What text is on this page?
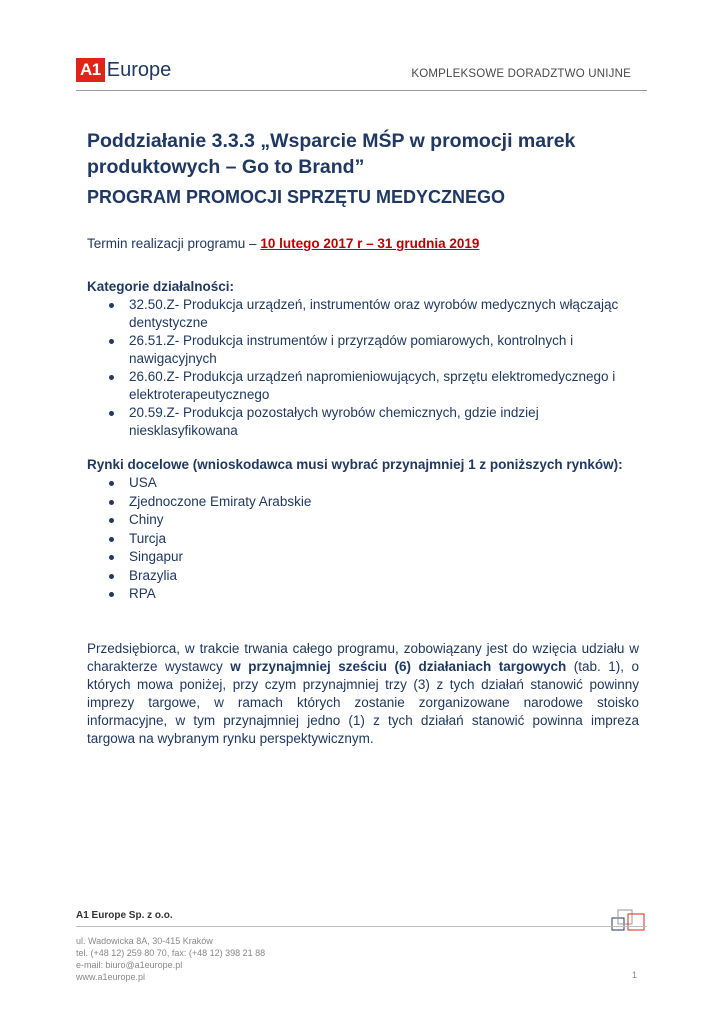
A1 Europe	KOMPLEKSOWE DORADZTWO UNIJNE
Poddziałanie 3.3.3 „Wsparcie MŚP w promocji marek produktowych – Go to Brand”
PROGRAM PROMOCJI SPRZĘTU MEDYCZNEGO
Termin realizacji programu – 10 lutego 2017 r – 31 grudnia 2019
Kategorie działalności:
32.50.Z- Produkcja urządzeń, instrumentów oraz wyrobów medycznych włączając dentystyczne
26.51.Z- Produkcja instrumentów i przyrządów pomiarowych, kontrolnych i nawigacyjnych
26.60.Z- Produkcja urządzeń napromieniowujących, sprzętu elektromedycznego i elektroterapeutycznego
20.59.Z- Produkcja pozostałych wyrobów chemicznych, gdzie indziej niesklasyfikowana
Rynki docelowe (wnioskodawca musi wybrać przynajmniej 1 z poniższych rynków):
USA
Zjednoczone Emiraty Arabskie
Chiny
Turcja
Singapur
Brazylia
RPA

Przedsiębiorca, w trakcie trwania całego programu, zobowiązany jest do wzięcia udziału w charakterze wystawcy w przynajmniej sześciu (6) działaniach targowych (tab. 1), o których mowa poniżej, przy czym przynajmniej trzy (3) z tych działań stanowić powinny imprezy targowe, w ramach których zostanie zorganizowane narodowe stoisko informacyjne, w tym przynajmniej jedno (1) z tych działań stanowić powinna impreza targowa na wybranym rynku perspektywicznym.

A1 Europe Sp. z o.o.
ul. Wadowicka 8A, 30-415 Kraków
tel. (+48 12) 259 80 70, fax: (+48 12) 398 21 88
e-mail: biuro@a1europe.pl
www.a1europe.pl	1
